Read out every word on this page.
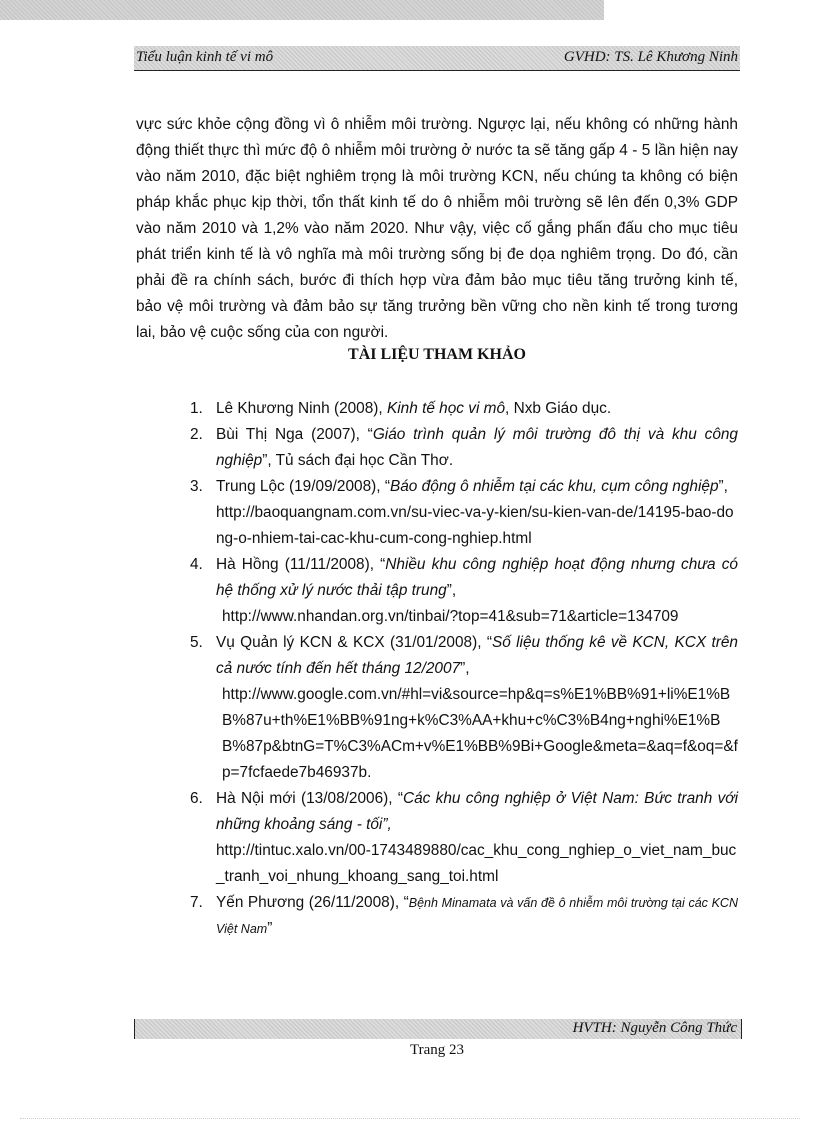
Tiểu luận kinh tế vi mô	GVHD: TS. Lê Khương Ninh

vực sức khỏe cộng đồng vì ô nhiễm môi trường. Ngược lại, nếu không có những hành động thiết thực thì mức độ ô nhiễm môi trường ở nước ta sẽ tăng gấp 4 - 5 lần hiện nay vào năm 2010, đặc biệt nghiêm trọng là môi trường KCN, nếu chúng ta không có biện pháp khắc phục kịp thời, tổn thất kinh tế do ô nhiễm môi trường sẽ lên đến 0,3% GDP vào năm 2010 và 1,2% vào năm 2020. Như vậy, việc cố gắng phấn đấu cho mục tiêu phát triển kinh tế là vô nghĩa mà môi trường sống bị đe dọa nghiêm trọng. Do đó, cần phải đề ra chính sách, bước đi thích hợp vừa đảm bảo mục tiêu tăng trưởng kinh tế, bảo vệ môi trường và đảm bảo sự tăng trưởng bền vững cho nền kinh tế trong tương lai, bảo vệ cuộc sống của con người.

TÀI LIỆU THAM KHẢO
1. Lê Khương Ninh (2008), Kinh tế học vi mô, Nxb Giáo dục.
2. Bùi Thị Nga (2007), “Giáo trình quản lý môi trường đô thị và khu công nghiệp”, Tủ sách đại học Cần Thơ.
3. Trung Lộc (19/09/2008), “Báo động ô nhiễm tại các khu, cụm công nghiệp”,
http://baoquangnam.com.vn/su-viec-va-y-kien/su-kien-van-de/14195-bao-dong-o-nhiem-tai-cac-khu-cum-cong-nghiep.html
4. Hà Hồng (11/11/2008), “Nhiều khu công nghiệp hoạt động nhưng chưa có hệ thống xử lý nước thải tập trung”,
http://www.nhandan.org.vn/tinbai/?top=41&sub=71&article=134709
5. Vụ Quản lý KCN & KCX (31/01/2008), “Số liệu thống kê về KCN, KCX trên cả nước tính đến hết tháng 12/2007”,
http://www.google.com.vn/#hl=vi&source=hp&q=s%E1%BB%91+li%E1%BB%87u+th%E1%BB%91ng+k%C3%AA+khu+c%C3%B4ng+nghi%E1%BB%87p&btnG=T%C3%ACm+v%E1%BB%9Bi+Google&meta=&aq=f&oq=&fp=7fcfaede7b46937b.
6. Hà Nội mới (13/08/2006), “Các khu công nghiệp ở Việt Nam: Bức tranh với những khoảng sáng - tối”,
http://tintuc.xalo.vn/00-1743489880/cac_khu_cong_nghiep_o_viet_nam_buc_tranh_voi_nhung_khoang_sang_toi.html
7. Yến Phương (26/11/2008), “Bệnh Minamata và vấn đề ô nhiễm môi trường tại các KCN Việt Nam”
HVTH: Nguyễn Công Thức
Trang 23
